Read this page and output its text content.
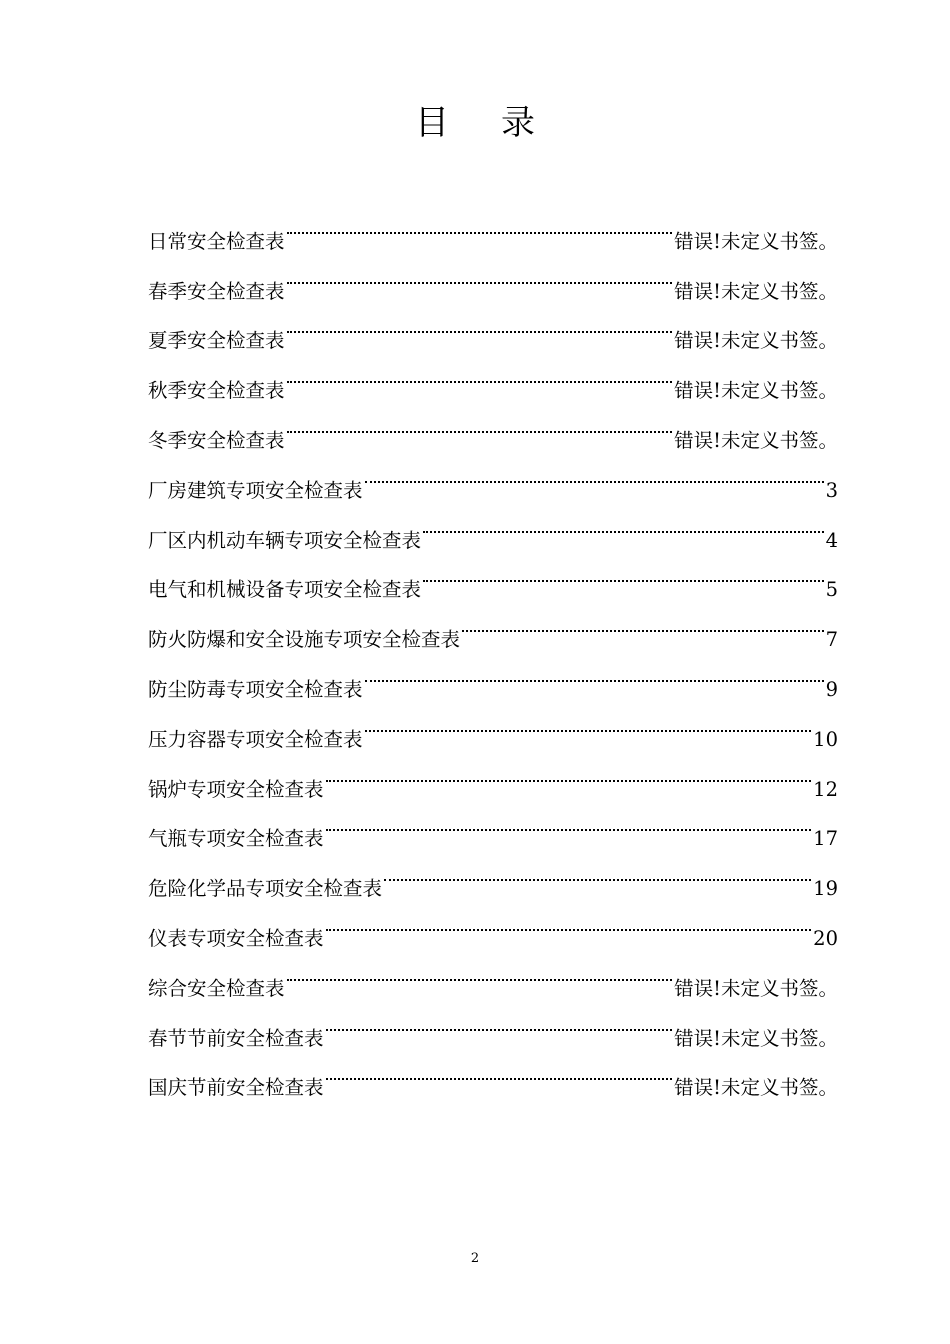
目 录
日常安全检查表	错误!未定义书签。
春季安全检查表	错误!未定义书签。
夏季安全检查表	错误!未定义书签。
秋季安全检查表	错误!未定义书签。
冬季安全检查表	错误!未定义书签。
厂房建筑专项安全检查表	3
厂区内机动车辆专项安全检查表	4
电气和机械设备专项安全检查表	5
防火防爆和安全设施专项安全检查表	7
防尘防毒专项安全检查表	9
压力容器专项安全检查表	10
锅炉专项安全检查表	12
气瓶专项安全检查表	17
危险化学品专项安全检查表	19
仪表专项安全检查表	20
综合安全检查表	错误!未定义书签。
春节节前安全检查表	错误!未定义书签。
国庆节前安全检查表	错误!未定义书签。
2
